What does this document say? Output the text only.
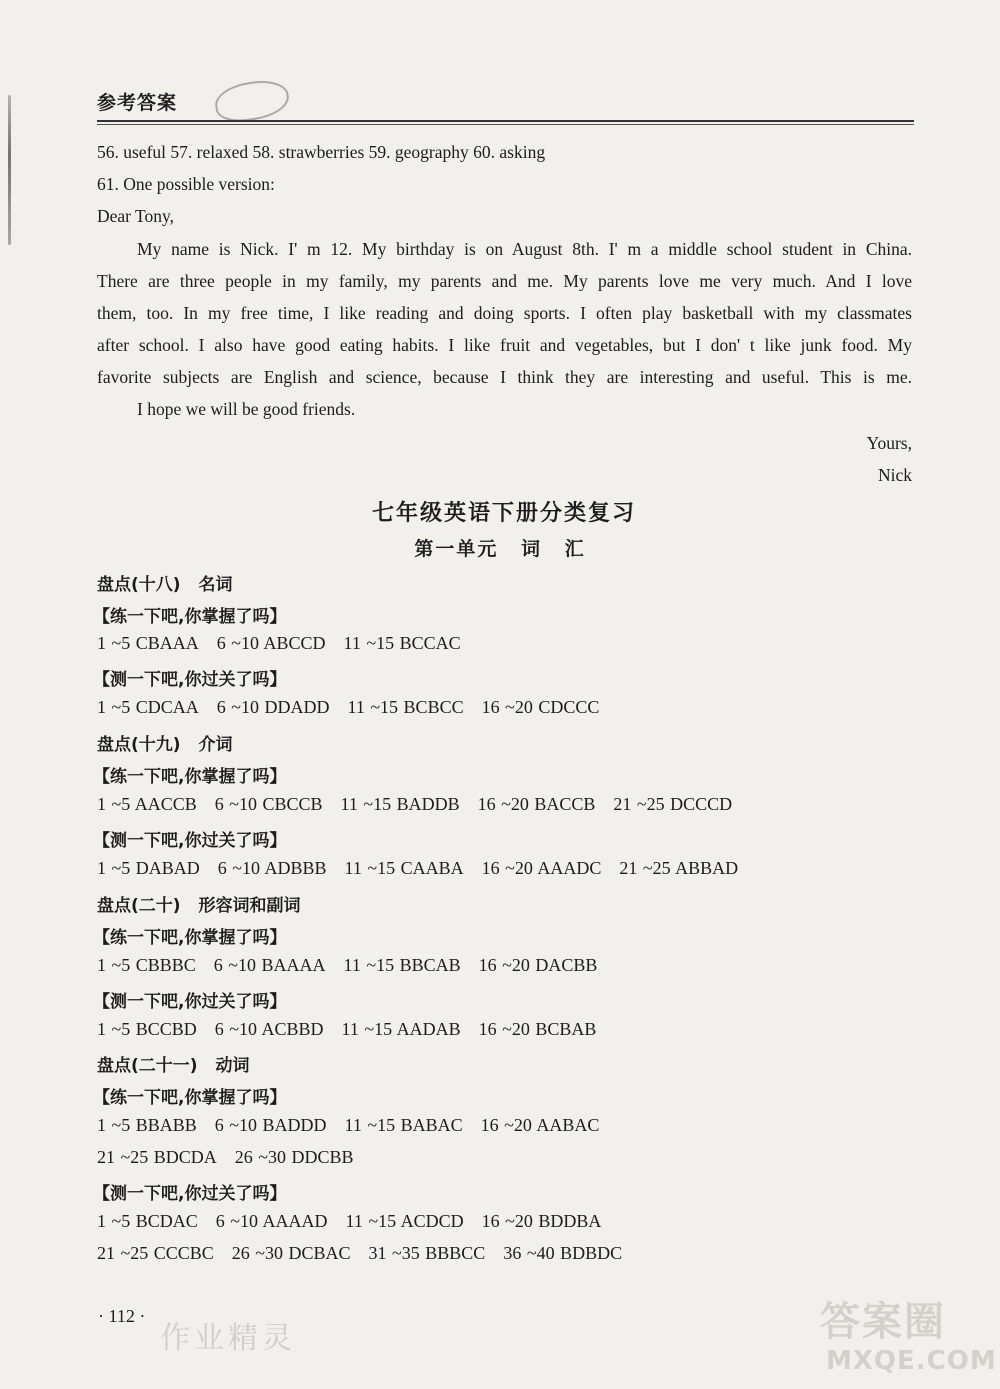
参考答案
56. useful 57. relaxed 58. strawberries 59. geography 60. asking
61. One possible version:
Dear Tony,
My name is Nick. I' m 12. My birthday is on August 8th. I' m a middle school student in China.
There are three people in my family, my parents and me. My parents love me very much. And I love
them, too. In my free time, I like reading and doing sports. I often play basketball with my classmates
after school. I also have good eating habits. I like fruit and vegetables, but I don' t like junk food. My
favorite subjects are English and science, because I think they are interesting and useful. This is me.
I hope we will be good friends.
Yours,
Nick
七年级英语下册分类复习
第一单元 词 汇
盘点(十八) 名词
【练一下吧,你掌握了吗】
1 ~5 CBAAA 6 ~10 ABCCD 11 ~15 BCCAC
【测一下吧,你过关了吗】
1 ~5 CDCAA 6 ~10 DDADD 11 ~15 BCBCC 16 ~20 CDCCC
盘点(十九) 介词
【练一下吧,你掌握了吗】
1 ~5 AACCB 6 ~10 CBCCB 11 ~15 BADDB 16 ~20 BACCB 21 ~25 DCCCD
【测一下吧,你过关了吗】
1 ~5 DABAD 6 ~10 ADBBB 11 ~15 CAABA 16 ~20 AAADC 21 ~25 ABBAD
盘点(二十) 形容词和副词
【练一下吧,你掌握了吗】
1 ~5 CBBBC 6 ~10 BAAAA 11 ~15 BBCAB 16 ~20 DACBB
【测一下吧,你过关了吗】
1 ~5 BCCBD 6 ~10 ACBBD 11 ~15 AADAB 16 ~20 BCBAB
盘点(二十一) 动词
【练一下吧,你掌握了吗】
1 ~5 BBABB 6 ~10 BADDD 11 ~15 BABAC 16 ~20 AABAC
21 ~25 BDCDA 26 ~30 DDCBB
【测一下吧,你过关了吗】
1 ~5 BCDAC 6 ~10 AAAAD 11 ~15 ACDCD 16 ~20 BDDBA
21 ~25 CCCBC 26 ~30 DCBAC 31 ~35 BBBCC 36 ~40 BDBDC
· 112 ·
作业精灵	答案圈
MXQE.COM
